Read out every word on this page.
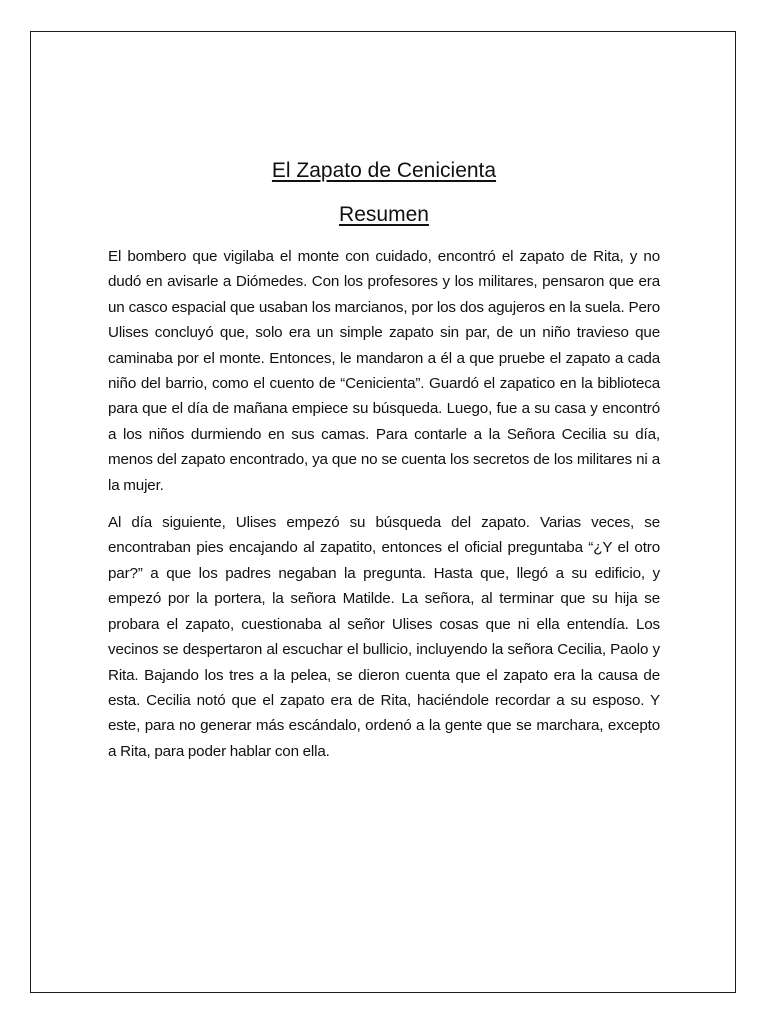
El Zapato de Cenicienta
Resumen

El bombero que vigilaba el monte con cuidado, encontró el zapato de Rita, y no dudó en avisarle a Diómedes. Con los profesores y los militares, pensaron que era un casco espacial que usaban los marcianos, por los dos agujeros en la suela. Pero Ulises concluyó que, solo era un simple zapato sin par, de un niño travieso que caminaba por el monte. Entonces, le mandaron a él a que pruebe el zapato a cada niño del barrio, como el cuento de “Cenicienta”. Guardó el zapatico en la biblioteca para que el día de mañana empiece su búsqueda. Luego, fue a su casa y encontró a los niños durmiendo en sus camas. Para contarle a la Señora Cecilia su día, menos del zapato encontrado, ya que no se cuenta los secretos de los militares ni a la mujer.

Al día siguiente, Ulises empezó su búsqueda del zapato. Varias veces, se encontraban pies encajando al zapatito, entonces el oficial preguntaba “¿Y el otro par?” a que los padres negaban la pregunta. Hasta que, llegó a su edificio, y empezó por la portera, la señora Matilde. La señora, al terminar que su hija se probara el zapato, cuestionaba al señor Ulises cosas que ni ella entendía. Los vecinos se despertaron al escuchar el bullicio, incluyendo la señora Cecilia, Paolo y Rita. Bajando los tres a la pelea, se dieron cuenta que el zapato era la causa de esta. Cecilia notó que el zapato era de Rita, haciéndole recordar a su esposo. Y este, para no generar más escándalo, ordenó a la gente que se marchara, excepto a Rita, para poder hablar con ella.
